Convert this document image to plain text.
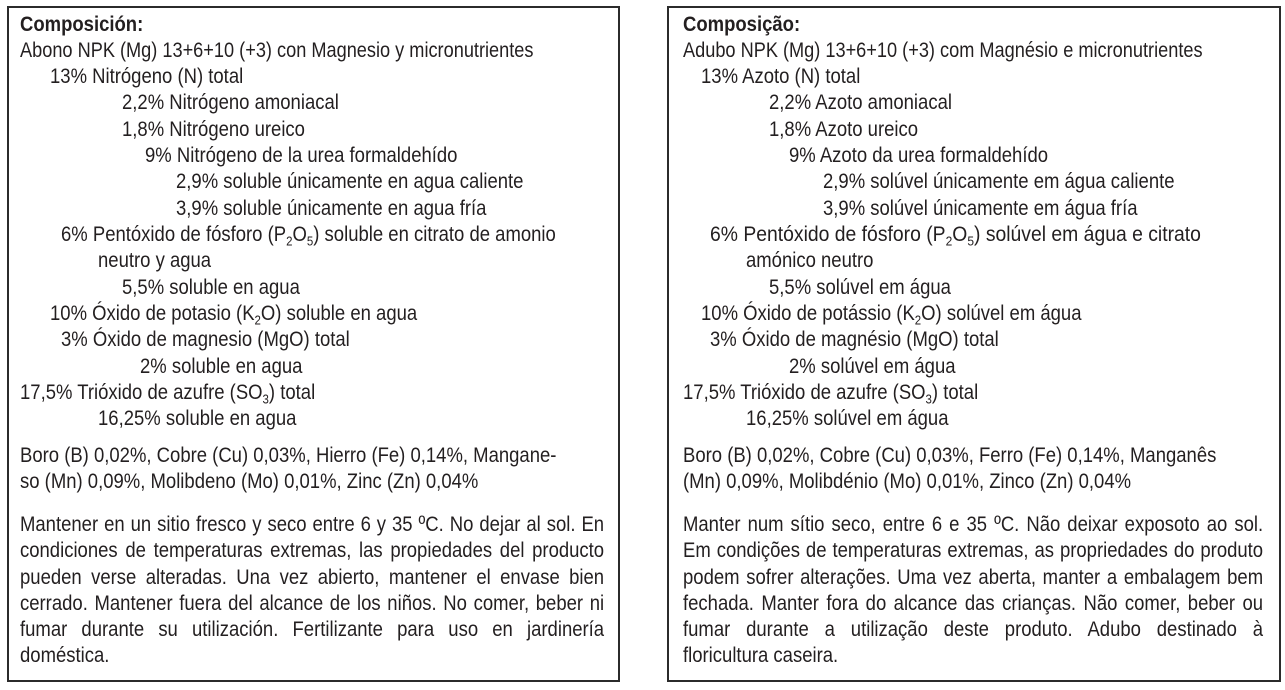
Composición:
Abono NPK (Mg) 13+6+10 (+3) con Magnesio y micronutrientes
13% Nitrógeno (N) total
2,2% Nitrógeno amoniacal
1,8% Nitrógeno ureico
9% Nitrógeno de la urea formaldehído
2,9% soluble únicamente en agua caliente
3,9% soluble únicamente en agua fría
6% Pentóxido de fósforo $(P_2O_5)$ soluble en citrato de amonio
neutro y agua
5,5% soluble en agua
10% Óxido de potasio $(K_2O)$ soluble en agua
3% Óxido de magnesio (MgO) total
2% soluble en agua
17,5% Trióxido de azufre $(SO_3)$ total
16,25% soluble en agua
Boro (B) 0,02%, Cobre (Cu) 0,03%, Hierro (Fe) 0,14%, Mangane-
so (Mn) 0,09%, Molibdeno (Mo) 0,01%, Zinc (Zn) 0,04%
Mantener en un sitio fresco y seco entre 6 y 35 ºC. No dejar al sol. En condiciones de temperaturas extremas, las propiedades del producto pueden verse alteradas. Una vez abierto, mantener el envase bien cerrado. Mantener fuera del alcance de los niños. No comer, beber ni fumar durante su utilización. Fertilizante para uso en jardinería doméstica.
Composição:
Adubo NPK (Mg) 13+6+10 (+3) com Magnésio e micronutrientes
13% Azoto (N) total
2,2% Azoto amoniacal
1,8% Azoto ureico
9% Azoto da urea formaldehído
2,9% solúvel únicamente em água caliente
3,9% solúvel únicamente em água fría
6% Pentóxido de fósforo $(P_2O_5)$ solúvel em água e citrato
amónico neutro
5,5% solúvel em água
10% Óxido de potássio $(K_2O)$ solúvel em água
3% Óxido de magnésio (MgO) total
2% solúvel em água
17,5% Trióxido de azufre $(SO_3)$ total
16,25% solúvel em água
Boro (B) 0,02%, Cobre (Cu) 0,03%, Ferro (Fe) 0,14%, Manganês
(Mn) 0,09%, Molibdénio (Mo) 0,01%, Zinco (Zn) 0,04%
Manter num sítio seco, entre 6 e 35 ºC. Não deixar exposoto ao sol. Em condições de temperaturas extremas, as propriedades do produto podem sofrer alterações. Uma vez aberta, manter a embalagem bem fechada. Manter fora do alcance das crianças. Não comer, beber ou fumar durante a utilização deste produto. Adubo destinado à floricultura caseira.
